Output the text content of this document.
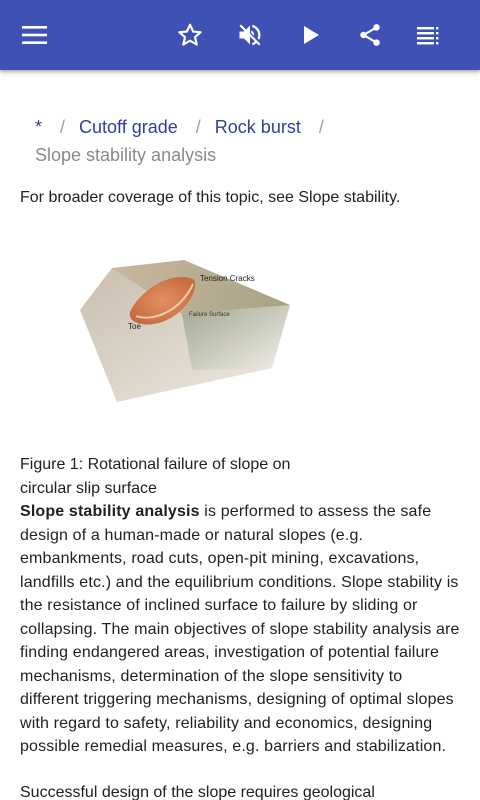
* / Cutoff grade / Rock burst /
Slope stability analysis

For broader coverage of this topic, see Slope stability.

Tension Cracks
Failure Surface
Toe

Figure 1: Rotational failure of slope on
circular slip surface

Slope stability analysis is performed to assess the safe design of a human-made or natural slopes (e.g. embankments, road cuts, open-pit mining, excavations, landfills etc.) and the equilibrium conditions. Slope stability is the resistance of inclined surface to failure by sliding or collapsing. The main objectives of slope stability analysis are finding endangered areas, investigation of potential failure mechanisms, determination of the slope sensitivity to different triggering mechanisms, designing of optimal slopes with regard to safety, reliability and economics, designing possible remedial measures, e.g. barriers and stabilization.

Successful design of the slope requires geological
